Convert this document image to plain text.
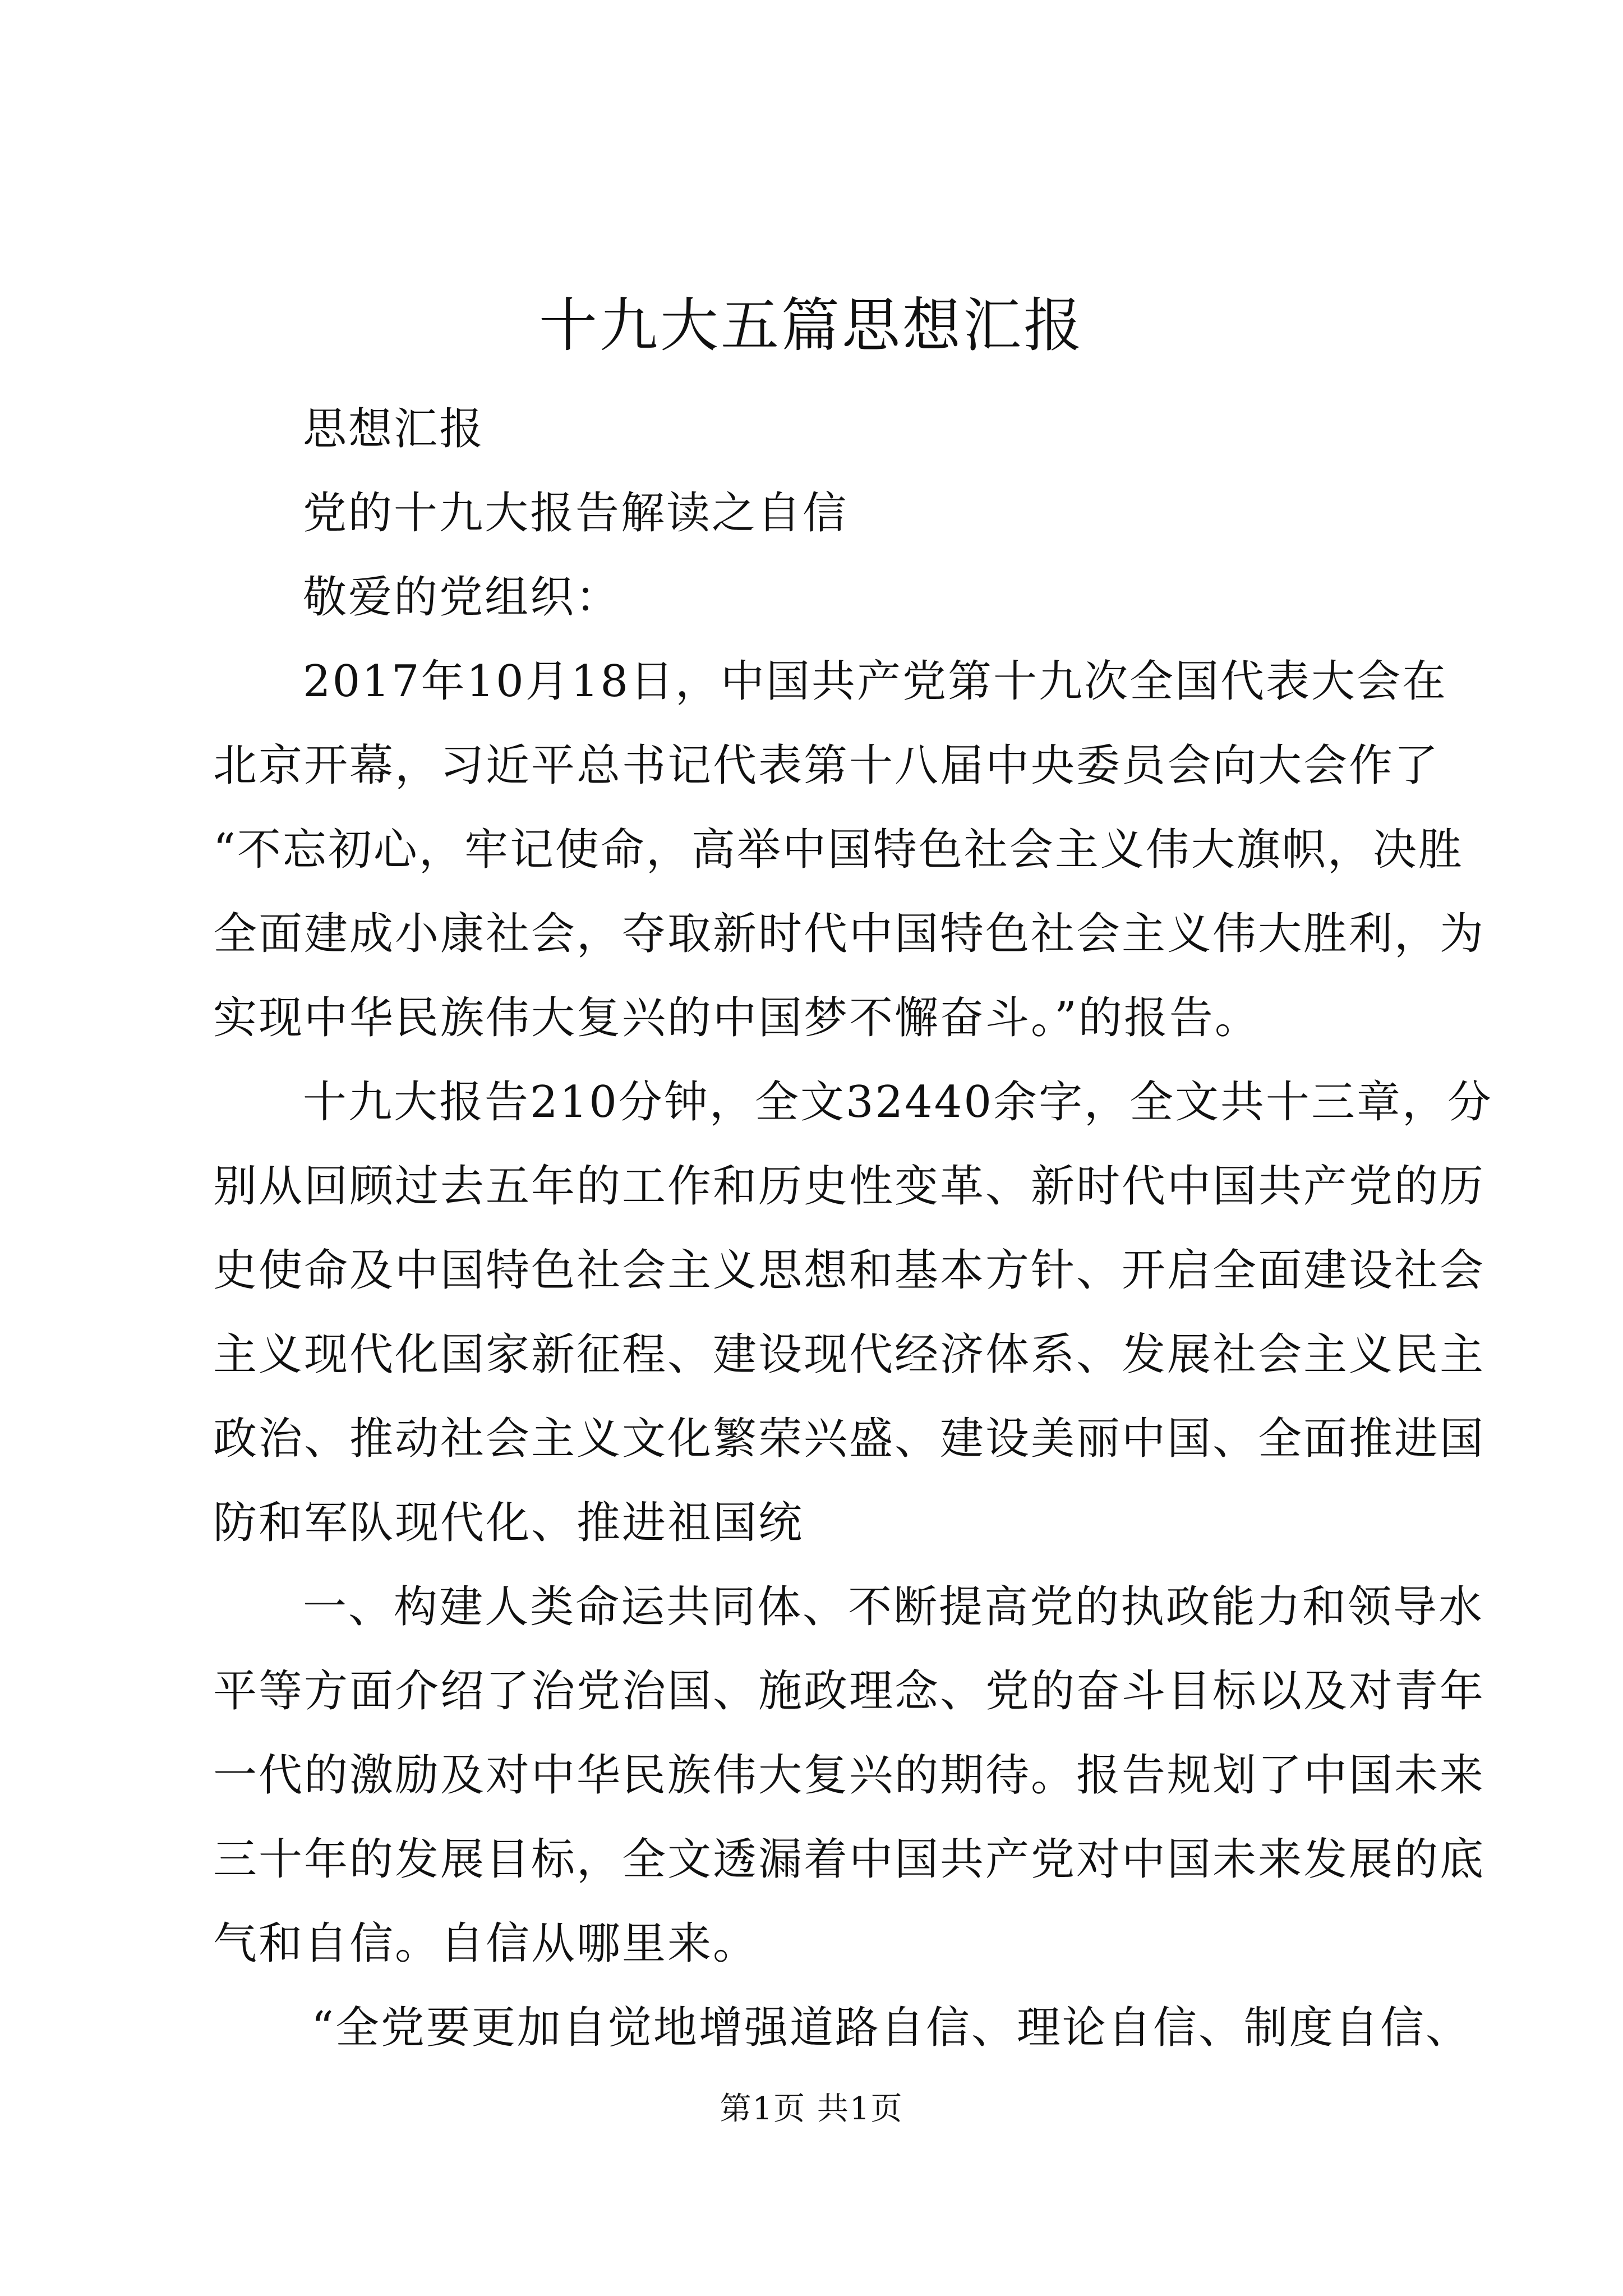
十九大五篇思想汇报

思想汇报

党的十九大报告解读之自信

敬爱的党组织：

2017年10月18日，中国共产党第十九次全国代表大会在

北京开幕，习近平总书记代表第十八届中央委员会向大会作了

“不忘初心，牢记使命，高举中国特色社会主义伟大旗帜，决胜

全面建成小康社会，夺取新时代中国特色社会主义伟大胜利，为

实现中华民族伟大复兴的中国梦不懈奋斗。”的报告。

十九大报告210分钟，全文32440余字，全文共十三章，分

别从回顾过去五年的工作和历史性变革、新时代中国共产党的历

史使命及中国特色社会主义思想和基本方针、开启全面建设社会

主义现代化国家新征程、建设现代经济体系、发展社会主义民主

政治、推动社会主义文化繁荣兴盛、建设美丽中国、全面推进国

防和军队现代化、推进祖国统

一、构建人类命运共同体、不断提高党的执政能力和领导水

平等方面介绍了治党治国、施政理念、党的奋斗目标以及对青年

一代的激励及对中华民族伟大复兴的期待。报告规划了中国未来

三十年的发展目标，全文透漏着中国共产党对中国未来发展的底

气和自信。自信从哪里来。

“全党要更加自觉地增强道路自信、理论自信、制度自信、

第1页 共1页
